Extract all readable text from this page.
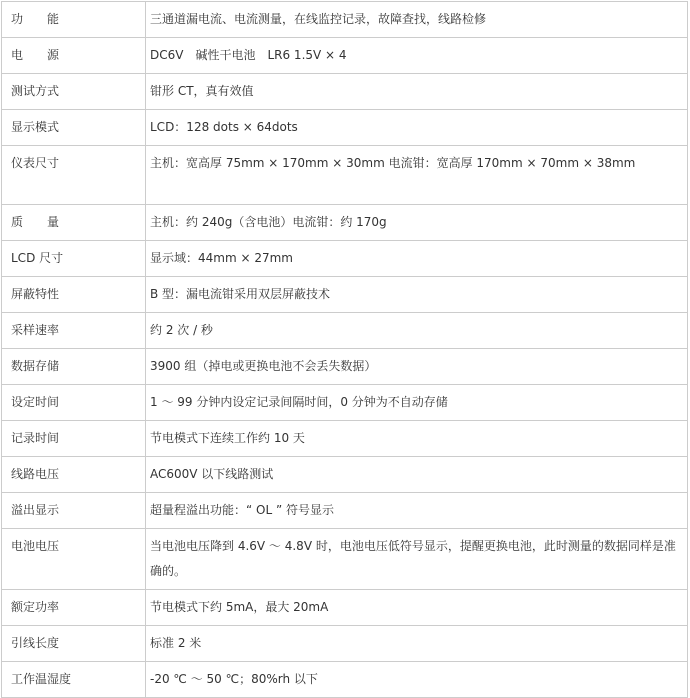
功　　能	三通道漏电流、电流测量，在线监控记录，故障查找，线路检修
电　　源	DC6V　碱性干电池　LR6 1.5V × 4
测试方式	钳形 CT，真有效值
显示模式	LCD：128 dots × 64dots
仪表尺寸	主机：宽高厚 75mm × 170mm × 30mm 电流钳：宽高厚 170mm × 70mm × 38mm
质　　量	主机：约 240g（含电池）电流钳：约 170g
LCD 尺寸	显示域：44mm × 27mm
屏蔽特性	B 型：漏电流钳采用双层屏蔽技术
采样速率	约 2 次 / 秒
数据存储	3900 组（掉电或更换电池不会丢失数据）
设定时间	1 ～ 99 分钟内设定记录间隔时间，0 分钟为不自动存储
记录时间	节电模式下连续工作约 10 天
线路电压	AC600V 以下线路测试
溢出显示	超量程溢出功能：“ OL ” 符号显示
电池电压	当电池电压降到 4.6V ～ 4.8V 时，电池电压低符号显示，提醒更换电池，此时测量的数据同样是准确的。
额定功率	节电模式下约 5mA，最大 20mA
引线长度	标准 2 米
工作温湿度	-20 ℃ ～ 50 ℃；80%rh 以下
